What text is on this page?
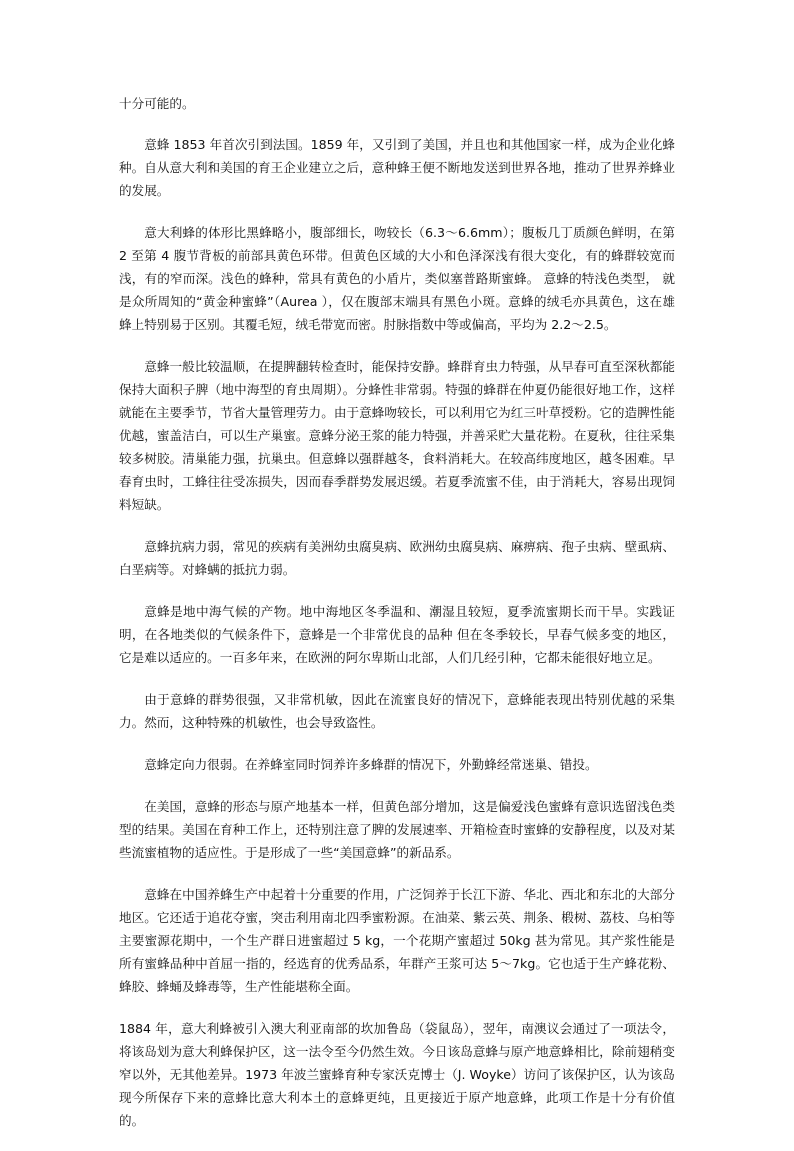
十分可能的。

意蜂 1853 年首次引到法国。1859 年，又引到了美国，并且也和其他国家一样，成为企业化蜂种。自从意大利和美国的育王企业建立之后，意种蜂王便不断地发送到世界各地，推动了世界养蜂业的发展。

意大利蜂的体形比黑蜂略小，腹部细长，吻较长（6.3～6.6mm）；腹板几丁质颜色鲜明，在第 2 至第 4 腹节背板的前部具黄色环带。但黄色区域的大小和色泽深浅有很大变化，有的蜂群较宽而浅，有的窄而深。浅色的蜂种，常具有黄色的小盾片，类似塞普路斯蜜蜂。 意蜂的特浅色类型， 就是众所周知的“黄金种蜜蜂”（Aurea ），仅在腹部末端具有黑色小斑。意蜂的绒毛亦具黄色，这在雄蜂上特别易于区别。其覆毛短，绒毛带宽而密。肘脉指数中等或偏高，平均为 2.2～2.5。

意蜂一般比较温顺，在提脾翻转检查时，能保持安静。蜂群育虫力特强，从早春可直至深秋都能保持大面积子脾（地中海型的育虫周期）。分蜂性非常弱。特强的蜂群在仲夏仍能很好地工作，这样就能在主要季节，节省大量管理劳力。由于意蜂吻较长，可以利用它为红三叶草授粉。它的造脾性能优越，蜜盖洁白，可以生产巢蜜。意蜂分泌王浆的能力特强，并善采贮大量花粉。在夏秋，往往采集较多树胶。清巢能力强，抗巢虫。但意蜂以强群越冬，食料消耗大。在较高纬度地区，越冬困难。早春育虫时，工蜂往往受冻损失，因而春季群势发展迟缓。若夏季流蜜不佳，由于消耗大，容易出现饲料短缺。

意蜂抗病力弱，常见的疾病有美洲幼虫腐臭病、欧洲幼虫腐臭病、麻痹病、孢子虫病、壁虱病、白垩病等。对蜂螨的抵抗力弱。

意蜂是地中海气候的产物。地中海地区冬季温和、潮湿且较短，夏季流蜜期长而干旱。实践证明，在各地类似的气候条件下，意蜂是一个非常优良的品种 但在冬季较长，早春气候多变的地区，它是难以适应的。一百多年来，在欧洲的阿尔卑斯山北部，人们几经引种，它都未能很好地立足。

由于意蜂的群势很强，又非常机敏，因此在流蜜良好的情况下，意蜂能表现出特别优越的采集力。然而，这种特殊的机敏性，也会导致盗性。

意蜂定向力很弱。在养蜂室同时饲养许多蜂群的情况下，外勤蜂经常迷巢、错投。

在美国，意蜂的形态与原产地基本一样，但黄色部分增加，这是偏爱浅色蜜蜂有意识选留浅色类型的结果。美国在育种工作上，还特别注意了脾的发展速率、开箱检查时蜜蜂的安静程度，以及对某些流蜜植物的适应性。于是形成了一些“美国意蜂”的新品系。

意蜂在中国养蜂生产中起着十分重要的作用，广泛饲养于长江下游、华北、西北和东北的大部分地区。它还适于追花夺蜜，突击利用南北四季蜜粉源。在油菜、紫云英、荆条、椴树、荔枝、乌桕等主要蜜源花期中，一个生产群日进蜜超过 5 kg，一个花期产蜜超过 50kg 甚为常见。其产浆性能是所有蜜蜂品种中首屈一指的，经选育的优秀品系，年群产王浆可达 5～7kg。它也适于生产蜂花粉、蜂胶、蜂蛹及蜂毒等，生产性能堪称全面。

1884 年，意大利蜂被引入澳大利亚南部的坎加鲁岛（袋鼠岛），翌年，南澳议会通过了一项法令，将该岛划为意大利蜂保护区，这一法令至今仍然生效。今日该岛意蜂与原产地意蜂相比，除前翅稍变窄以外，无其他差异。1973 年波兰蜜蜂育种专家沃克博士（J. Woyke）访问了该保护区，认为该岛现今所保存下来的意蜂比意大利本土的意蜂更纯，且更接近于原产地意蜂，此项工作是十分有价值的。
